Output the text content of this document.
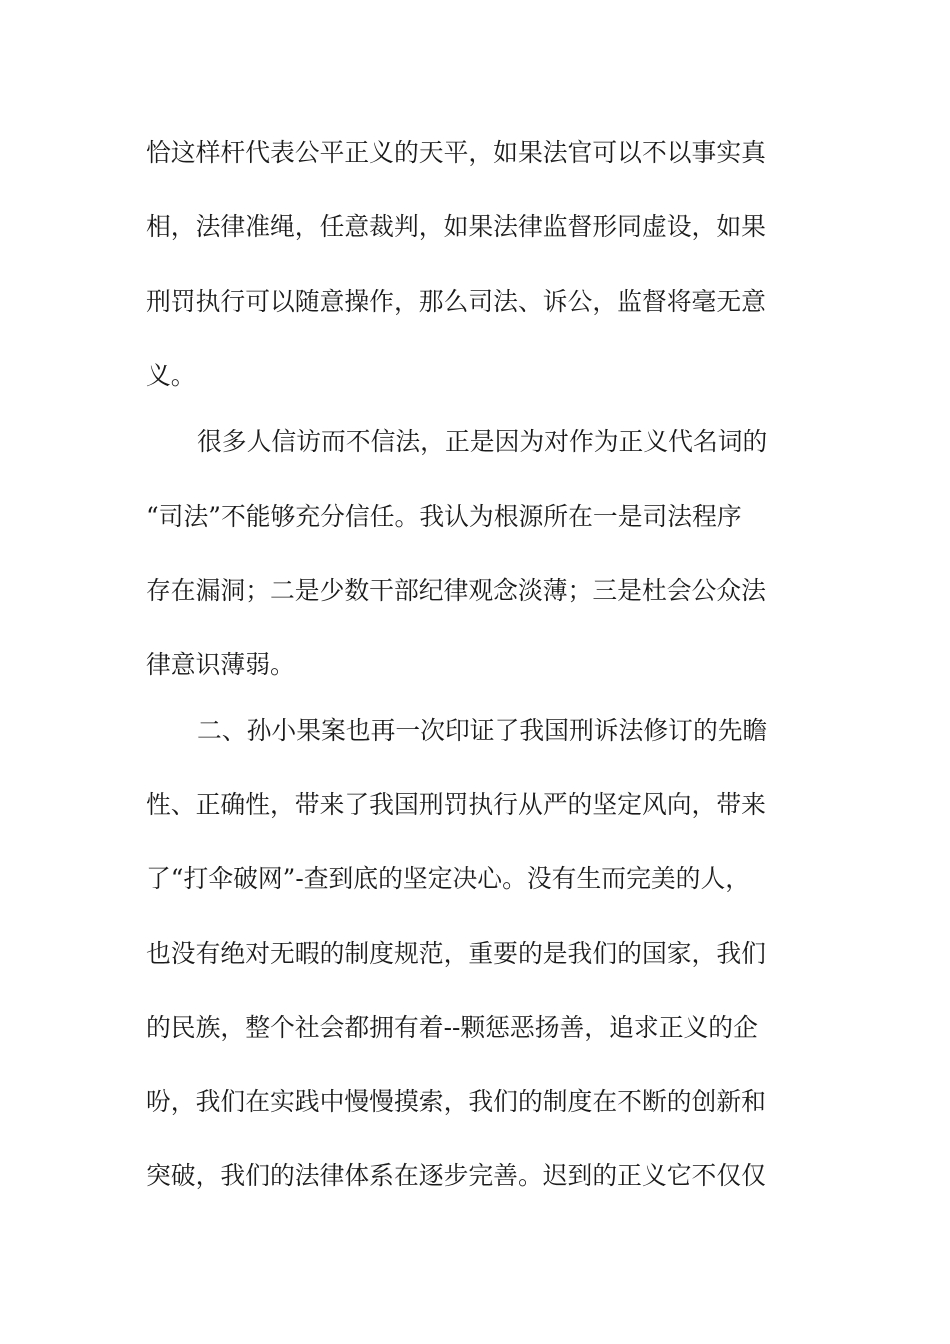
恰这样杆代表公平正义的天平，如果法官可以不以事实真
相，法律准绳，任意裁判，如果法律监督形同虚设，如果
刑罚执行可以随意操作，那么司法、诉公，监督将毫无意
义。
很多人信访而不信法，正是因为对作为正义代名词的
“司法”不能够充分信任。我认为根源所在一是司法程序
存在漏洞；二是少数干部纪律观念淡薄；三是杜会公众法
律意识薄弱。
二、孙小果案也再一次印证了我国刑诉法修订的先瞻
性、正确性，带来了我国刑罚执行从严的坚定风向，带来
了“打伞破网”-查到底的坚定决心。没有生而完美的人，
也没有绝对无暇的制度规范，重要的是我们的国家，我们
的民族，整个社会都拥有着--颗惩恶扬善，追求正义的企
吩，我们在实践中慢慢摸索，我们的制度在不断的创新和
突破，我们的法律体系在逐步完善。迟到的正义它不仅仅
